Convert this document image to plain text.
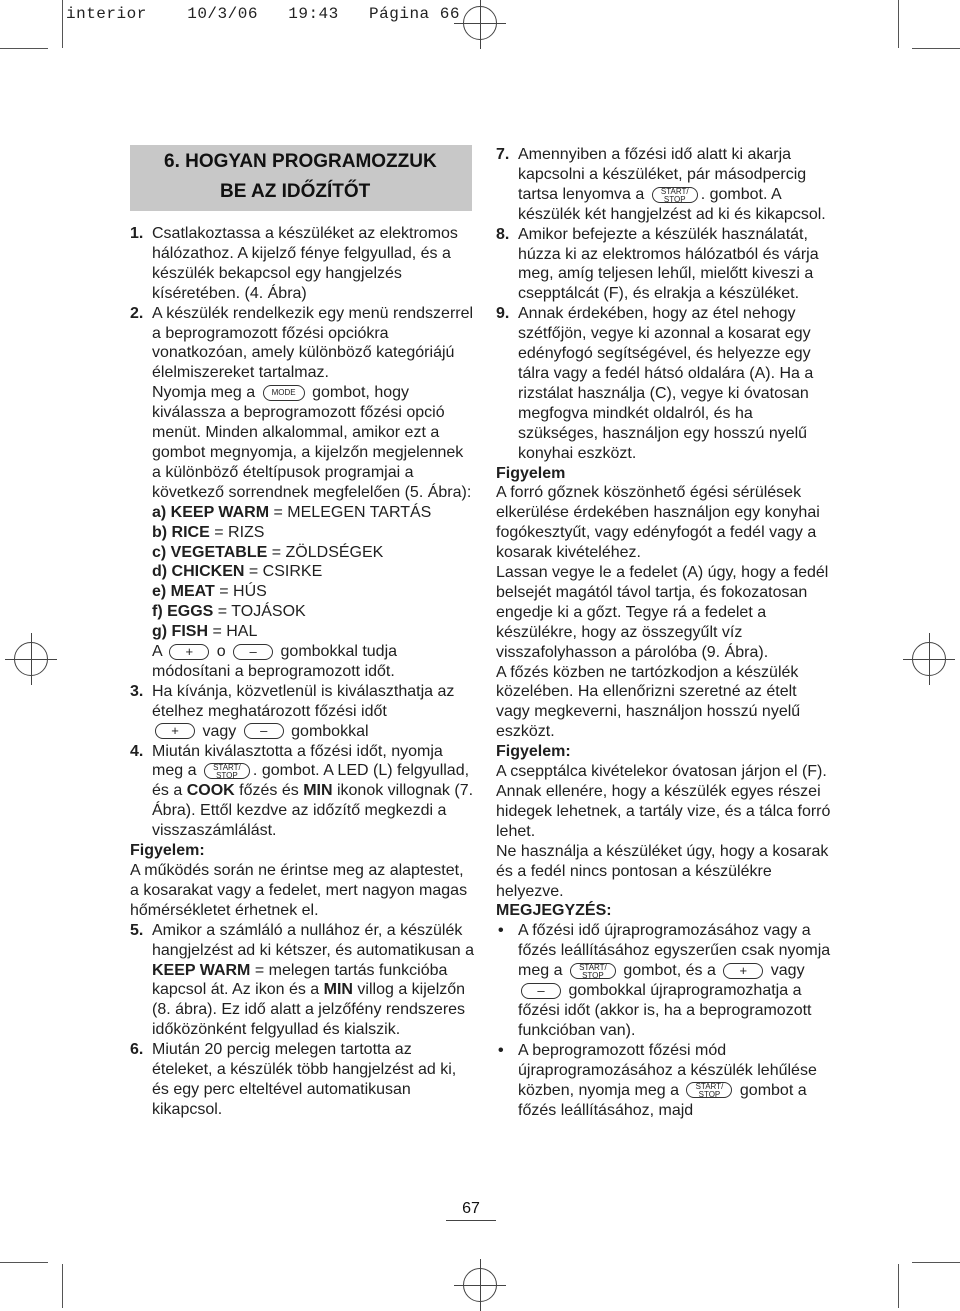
interior    10/3/06   19:43   Página 66
6. HOGYAN PROGRAMOZZUK
BE AZ IDŐZÍTŐT
1. Csatlakoztassa a készüléket az elektromos hálózathoz. A kijelző fénye felgyullad, és a készülék bekapcsol egy hangjelzés kíséretében. (4. Ábra)
2. A készülék rendelkezik egy menü rendszerrel a beprogramozott főzési opciókra vonatkozóan, amely különböző kategóriájú élelmiszereket tartalmaz.
Nyomja meg a MODE gombot, hogy kiválassza a beprogramozott főzési opció menüt. Minden alkalommal, amikor ezt a gombot megnyomja, a kijelzőn megjelennek a különböző ételtípusok programjai a következő sorrendnek megfelelően (5. Ábra):
a) KEEP WARM = MELEGEN TARTÁS
b) RICE = RIZS
c) VEGETABLE = ZÖLDSÉGEK
d) CHICKEN = CSIRKE
e) MEAT = HÚS
f) EGGS = TOJÁSOK
g) FISH = HAL
A + o – gombokkal tudja módosítani a beprogramozott időt.
3. Ha kívánja, közvetlenül is kiválaszthatja az ételhez meghatározott főzési időt
+ vagy – gombokkal
4. Miután kiválasztotta a főzési időt, nyomja meg a	START/
STOP . gombot. A LED (L) felgyullad, és a COOK főzés és MIN ikonok villognak (7. Ábra). Ettől kezdve az időzítő megkezdi a visszaszámlálást.

Figyelem:

A működés során ne érintse meg az alaptestet, a kosarakat vagy a fedelet, mert nagyon magas hőmérsékletet érhetnek el.

5. Amikor a számláló a nullához ér, a készülék hangjelzést ad ki kétszer, és automatikusan a KEEP WARM = melegen tartás funkcióba kapcsol át. Az ikon és a MIN villog a kijelzőn (8. ábra). Ez idő alatt a jelzőfény rendszeres időközönként felgyullad és kialszik.
6. Miután 20 percig melegen tartotta az ételeket, a készülék több hangjelzést ad ki, és egy perc elteltével automatikusan kikapcsol.
7. Amennyiben a főzési idő alatt ki akarja kapcsolni a készüléket, pár másodpercig tartsa lenyomva a	START/
STOP . gombot. A készülék két hangjelzést ad ki és kikapcsol.
8. Amikor befejezte a készülék használatát, húzza ki az elektromos hálózatból és várja meg, amíg teljesen lehűl, mielőtt kiveszi a csepptálcát (F), és elrakja a készüléket.
9. Annak érdekében, hogy az étel nehogy szétfőjön, vegye ki azonnal a kosarat egy edényfogó segítségével, és helyezze egy tálra vagy a fedél hátsó oldalára (A). Ha a rizstálat használja (C), vegye ki óvatosan megfogva mindkét oldalról, és ha szükséges, használjon egy hosszú nyelű konyhai eszközt.

Figyelem

A forró gőznek köszönhető égési sérülések elkerülése érdekében használjon egy konyhai fogókesztyűt, vagy edényfogót a fedél vagy a kosarak kivételéhez.

Lassan vegye le a fedelet (A) úgy, hogy a fedél belsejét magától távol tartja, és fokozatosan engedje ki a gőzt. Tegye rá a fedelet a készülékre, hogy az összegyűlt víz visszafolyhasson a párolóba (9. Ábra).

A főzés közben ne tartózkodjon a készülék közelében. Ha ellenőrizni szeretné az ételt vagy megkeverni, használjon hosszú nyelű eszközt.

Figyelem:

A csepptálca kivételekor óvatosan járjon el (F). Annak ellenére, hogy a készülék egyes részei hidegek lehetnek, a tartály vize, és a tálca forró lehet.

Ne használja a készüléket úgy, hogy a kosarak és a fedél nincs pontosan a készülékre helyezve.

MEGJEGYZÉS:

• A főzési idő újraprogramozásához vagy a főzés leállításához egyszerűen csak nyomja meg a	START/
STOP	gombot, és a + vagy – gombokkal újraprogramozhatja a főzési időt (akkor is, ha a beprogramozott funkcióban van).
• A beprogramozott főzési mód újraprogramozásához a készülék lehűlése közben, nyomja meg a	START/
STOP	gombot a főzés leállításához, majd
67
